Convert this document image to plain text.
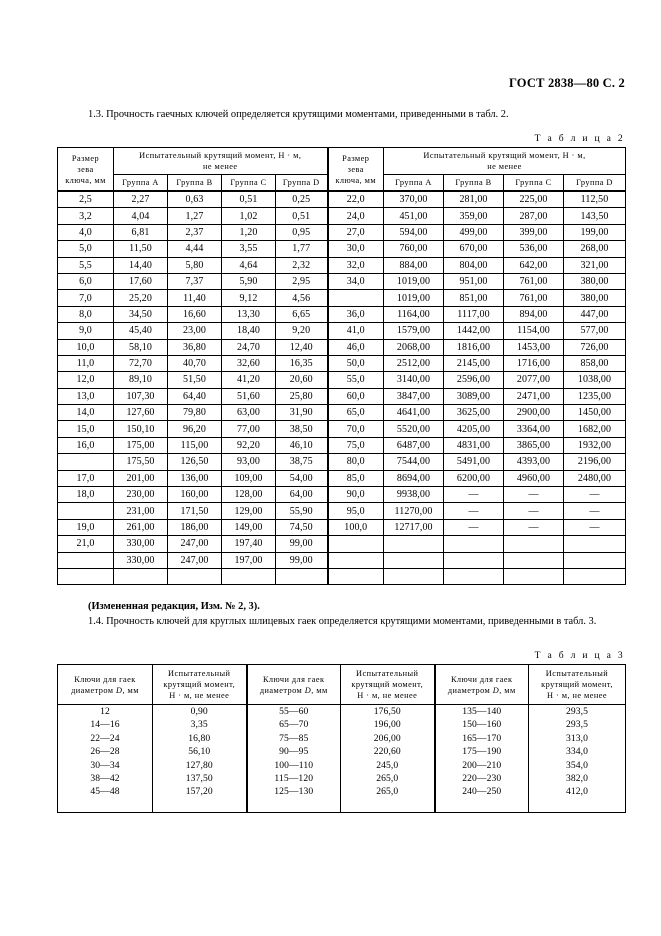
ГОСТ 2838—80 С. 2
1.3. Прочность гаечных ключей определяется крутящими моментами, приведенными в табл. 2.
Т а б л и ц а 2
Размер
зева
ключа, мм	Испытательный крутящий момент, Н · м,
не менее				Размер
зева
ключа, мм	Испытательный крутящий момент, Н · м,
не менее			
	Группа A	Группа B	Группа C	Группа D		Группа A	Группа B	Группа C	Группа D
2,5	2,27	0,63	0,51	0,25	22,0	370,00	281,00	225,00	112,50
3,2	4,04	1,27	1,02	0,51	24,0	451,00	359,00	287,00	143,50
4,0	6,81	2,37	1,20	0,95	27,0	594,00	499,00	399,00	199,00
5,0	11,50	4,44	3,55	1,77	30,0	760,00	670,00	536,00	268,00
5,5	14,40	5,80	4,64	2,32	32,0	884,00	804,00	642,00	321,00
6,0	17,60	7,37	5,90	2,95	34,0	1019,00	951,00	761,00	380,00
7,0	25,20	11,40	9,12	4,56		1019,00	851,00	761,00	380,00
8,0	34,50	16,60	13,30	6,65	36,0	1164,00	1117,00	894,00	447,00
9,0	45,40	23,00	18,40	9,20	41,0	1579,00	1442,00	1154,00	577,00
10,0	58,10	36,80	24,70	12,40	46,0	2068,00	1816,00	1453,00	726,00
11,0	72,70	40,70	32,60	16,35	50,0	2512,00	2145,00	1716,00	858,00
12,0	89,10	51,50	41,20	20,60	55,0	3140,00	2596,00	2077,00	1038,00
13,0	107,30	64,40	51,60	25,80	60,0	3847,00	3089,00	2471,00	1235,00
14,0	127,60	79,80	63,00	31,90	65,0	4641,00	3625,00	2900,00	1450,00
15,0	150,10	96,20	77,00	38,50	70,0	5520,00	4205,00	3364,00	1682,00
16,0	175,00	115,00	92,20	46,10	75,0	6487,00	4831,00	3865,00	1932,00
	175,50	126,50	93,00	38,75	80,0	7544,00	5491,00	4393,00	2196,00
17,0	201,00	136,00	109,00	54,00	85,0	8694,00	6200,00	4960,00	2480,00
18,0	230,00	160,00	128,00	64,00	90,0	9938,00	—	—	—
	231,00	171,50	129,00	55,90	95,0	11270,00	—	—	—
19,0	261,00	186,00	149,00	74,50	100,0	12717,00	—	—	—
21,0	330,00	247,00	197,40	99,00					
	330,00	247,00	197,00	99,00					

(Измененная редакция, Изм. № 2, 3).
1.4. Прочность ключей для круглых шлицевых гаек определяется крутящими моментами, приведенными в табл. 3.
Т а б л и ц а 3
Ключи для гаек
диаметром D, мм	Испытательный
крутящий момент,
Н · м, не менее	Ключи для гаек
диаметром D, мм	Испытательный
крутящий момент,
Н · м, не менее	Ключи для гаек
диаметром D, мм	Испытательный
крутящий момент,
Н · м, не менее
12	0,90	55—60	176,50	135—140	293,5
14—16	3,35	65—70	196,00	150—160	293,5
22—24	16,80	75—85	206,00	165—170	313,0
26—28	56,10	90—95	220,60	175—190	334,0
30—34	127,80	100—110	245,0	200—210	354,0
38—42	137,50	115—120	265,0	220—230	382,0
45—48	157,20	125—130	265,0	240—250	412,0
